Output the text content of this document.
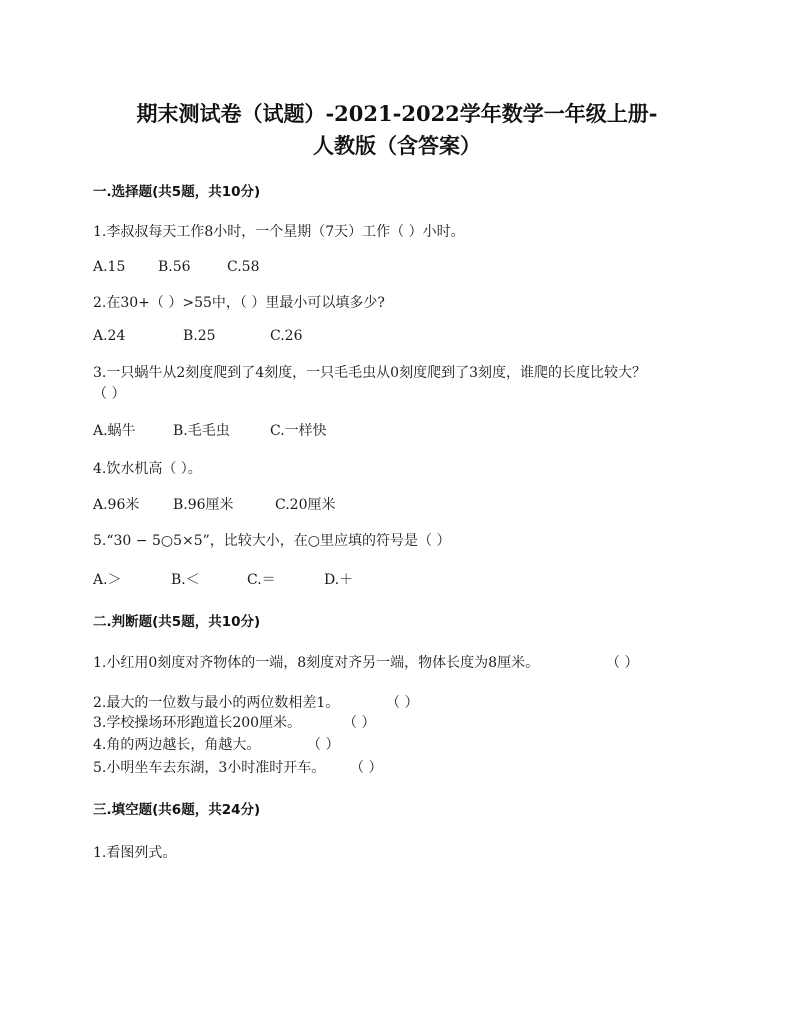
期末测试卷（试题）-2021-2022学年数学一年级上册-
人教版（含答案）
一.选择题(共5题，共10分)
1.李叔叔每天工作8小时，一个星期（7天）工作（ ）小时。
A.15 B.56	C.58
2.在30+（ ）>55中，（ ）里最小可以填多少?
A.24	B.25	C.26
3.一只蜗牛从2刻度爬到了4刻度，一只毛毛虫从0刻度爬到了3刻度，谁爬的长度比较大？
（ ）
A.蜗牛	B.毛毛虫	C.一样快
4.饮水机高（ ）。
A.96米 B.96厘米	C.20厘米
5.“30 − 5○5×5”，比较大小，在○里应填的符号是（ ）
A.＞	B.＜	C.＝	D.＋
二.判断题(共5题，共10分)
1.小红用0刻度对齐物体的一端，8刻度对齐另一端，物体长度为8厘米。	（ ）
2.最大的一位数与最小的两位数相差1。	（ ）
3.学校操场环形跑道长200厘米。	（ ）
4.角的两边越长，角越大。	（ ）
5.小明坐车去东湖，3小时准时开车。 （ ）
三.填空题(共6题，共24分)
1.看图列式。
